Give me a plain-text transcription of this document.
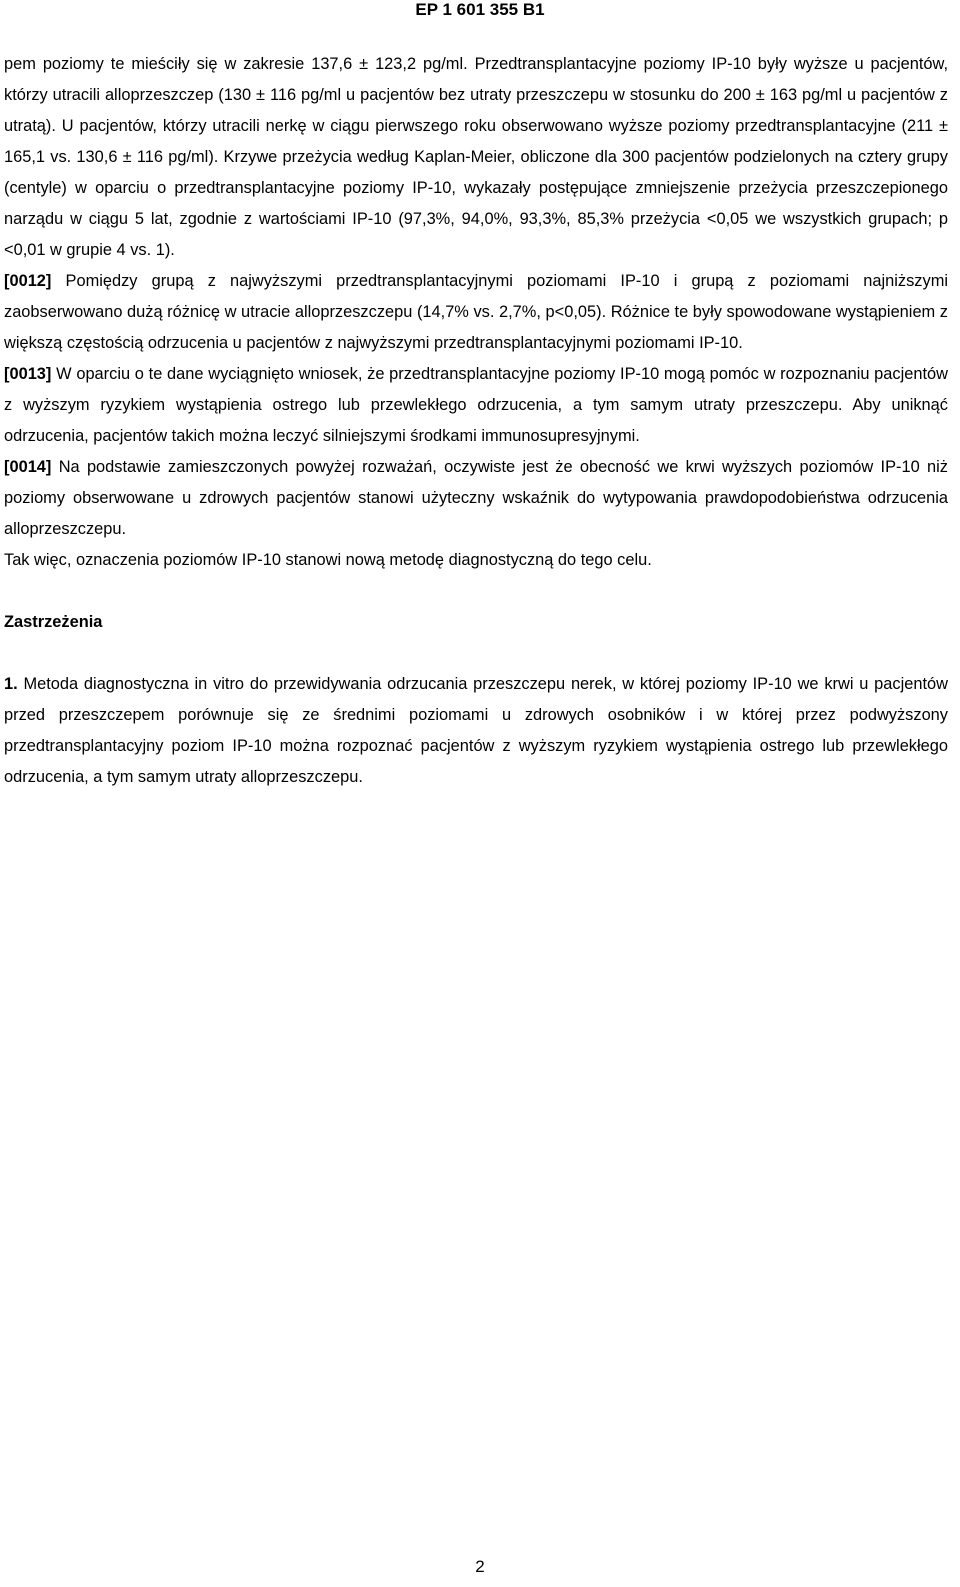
EP 1 601 355 B1

pem poziomy te mieściły się w zakresie 137,6 ± 123,2 pg/ml. Przedtransplantacyjne poziomy IP-10 były wyższe u pacjentów, którzy utracili alloprzeszczep (130 ± 116 pg/ml u pacjentów bez utraty przeszczepu w stosunku do 200 ± 163 pg/ml u pacjentów z utratą). U pacjentów, którzy utracili nerkę w ciągu pierwszego roku obserwowano wyższe poziomy przedtransplantacyjne (211 ± 165,1 vs. 130,6 ± 116 pg/ml). Krzywe przeżycia według Kaplan-Meier, obliczone dla 300 pacjentów podzielonych na cztery grupy (centyle) w oparciu o przedtransplantacyjne poziomy IP-10, wykazały postępujące zmniejszenie przeżycia przeszczepionego narządu w ciągu 5 lat, zgodnie z wartościami IP-10 (97,3%, 94,0%, 93,3%, 85,3% przeżycia <0,05 we wszystkich grupach; p <0,01 w grupie 4 vs. 1).

[0012] Pomiędzy grupą z najwyższymi przedtransplantacyjnymi poziomami IP-10 i grupą z poziomami najniższymi zaobserwowano dużą różnicę w utracie alloprzeszczepu (14,7% vs. 2,7%, p<0,05). Różnice te były spowodowane wystąpieniem z większą częstością odrzucenia u pacjentów z najwyższymi przedtransplantacyjnymi poziomami IP-10.

[0013] W oparciu o te dane wyciągnięto wniosek, że przedtransplantacyjne poziomy IP-10 mogą pomóc w rozpoznaniu pacjentów z wyższym ryzykiem wystąpienia ostrego lub przewlekłego odrzucenia, a tym samym utraty przeszczepu. Aby uniknąć odrzucenia, pacjentów takich można leczyć silniejszymi środkami immunosupresyjnymi.

[0014] Na podstawie zamieszczonych powyżej rozważań, oczywiste jest że obecność we krwi wyższych poziomów IP-10 niż poziomy obserwowane u zdrowych pacjentów stanowi użyteczny wskaźnik do wytypowania prawdopodobieństwa odrzucenia alloprzeszczepu.

Tak więc, oznaczenia poziomów IP-10 stanowi nową metodę diagnostyczną do tego celu.

Zastrzeżenia

1. Metoda diagnostyczna in vitro do przewidywania odrzucania przeszczepu nerek, w której poziomy IP-10 we krwi u pacjentów przed przeszczepem porównuje się ze średnimi poziomami u zdrowych osobników i w której przez podwyższony przedtransplantacyjny poziom IP-10 można rozpoznać pacjentów z wyższym ryzykiem wystąpienia ostrego lub przewlekłego odrzucenia, a tym samym utraty alloprzeszczepu.

2
